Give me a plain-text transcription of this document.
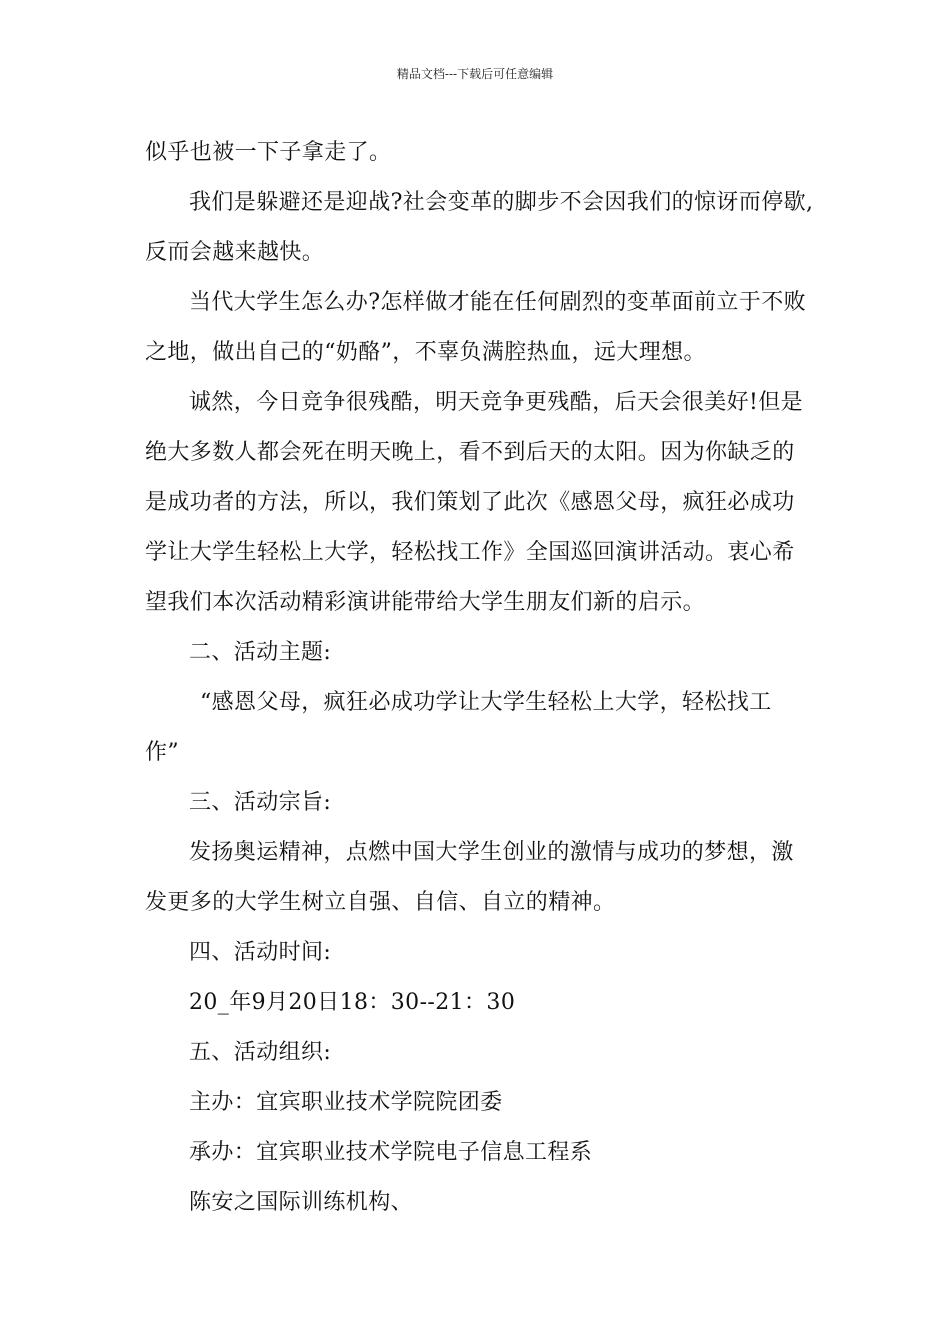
精品文档---下载后可任意编辑
似乎也被一下子拿走了。
我们是躲避还是迎战?社会变革的脚步不会因我们的惊讶而停歇,
反而会越来越快。
当代大学生怎么办?怎样做才能在任何剧烈的变革面前立于不败
之地，做出自己的“奶酪”，不辜负满腔热血，远大理想。
诚然，今日竞争很残酷，明天竞争更残酷，后天会很美好!但是
绝大多数人都会死在明天晚上，看不到后天的太阳。因为你缺乏的
是成功者的方法，所以，我们策划了此次《感恩父母，疯狂必成功
学让大学生轻松上大学，轻松找工作》全国巡回演讲活动。衷心希
望我们本次活动精彩演讲能带给大学生朋友们新的启示。
二、活动主题:
“感恩父母，疯狂必成功学让大学生轻松上大学，轻松找工
作”
三、活动宗旨:
发扬奥运精神，点燃中国大学生创业的激情与成功的梦想，激
发更多的大学生树立自强、自信、自立的精神。
四、活动时间:
20_年9月20日18：30--21：30
五、活动组织:
主办：宜宾职业技术学院院团委
承办：宜宾职业技术学院电子信息工程系
陈安之国际训练机构、
